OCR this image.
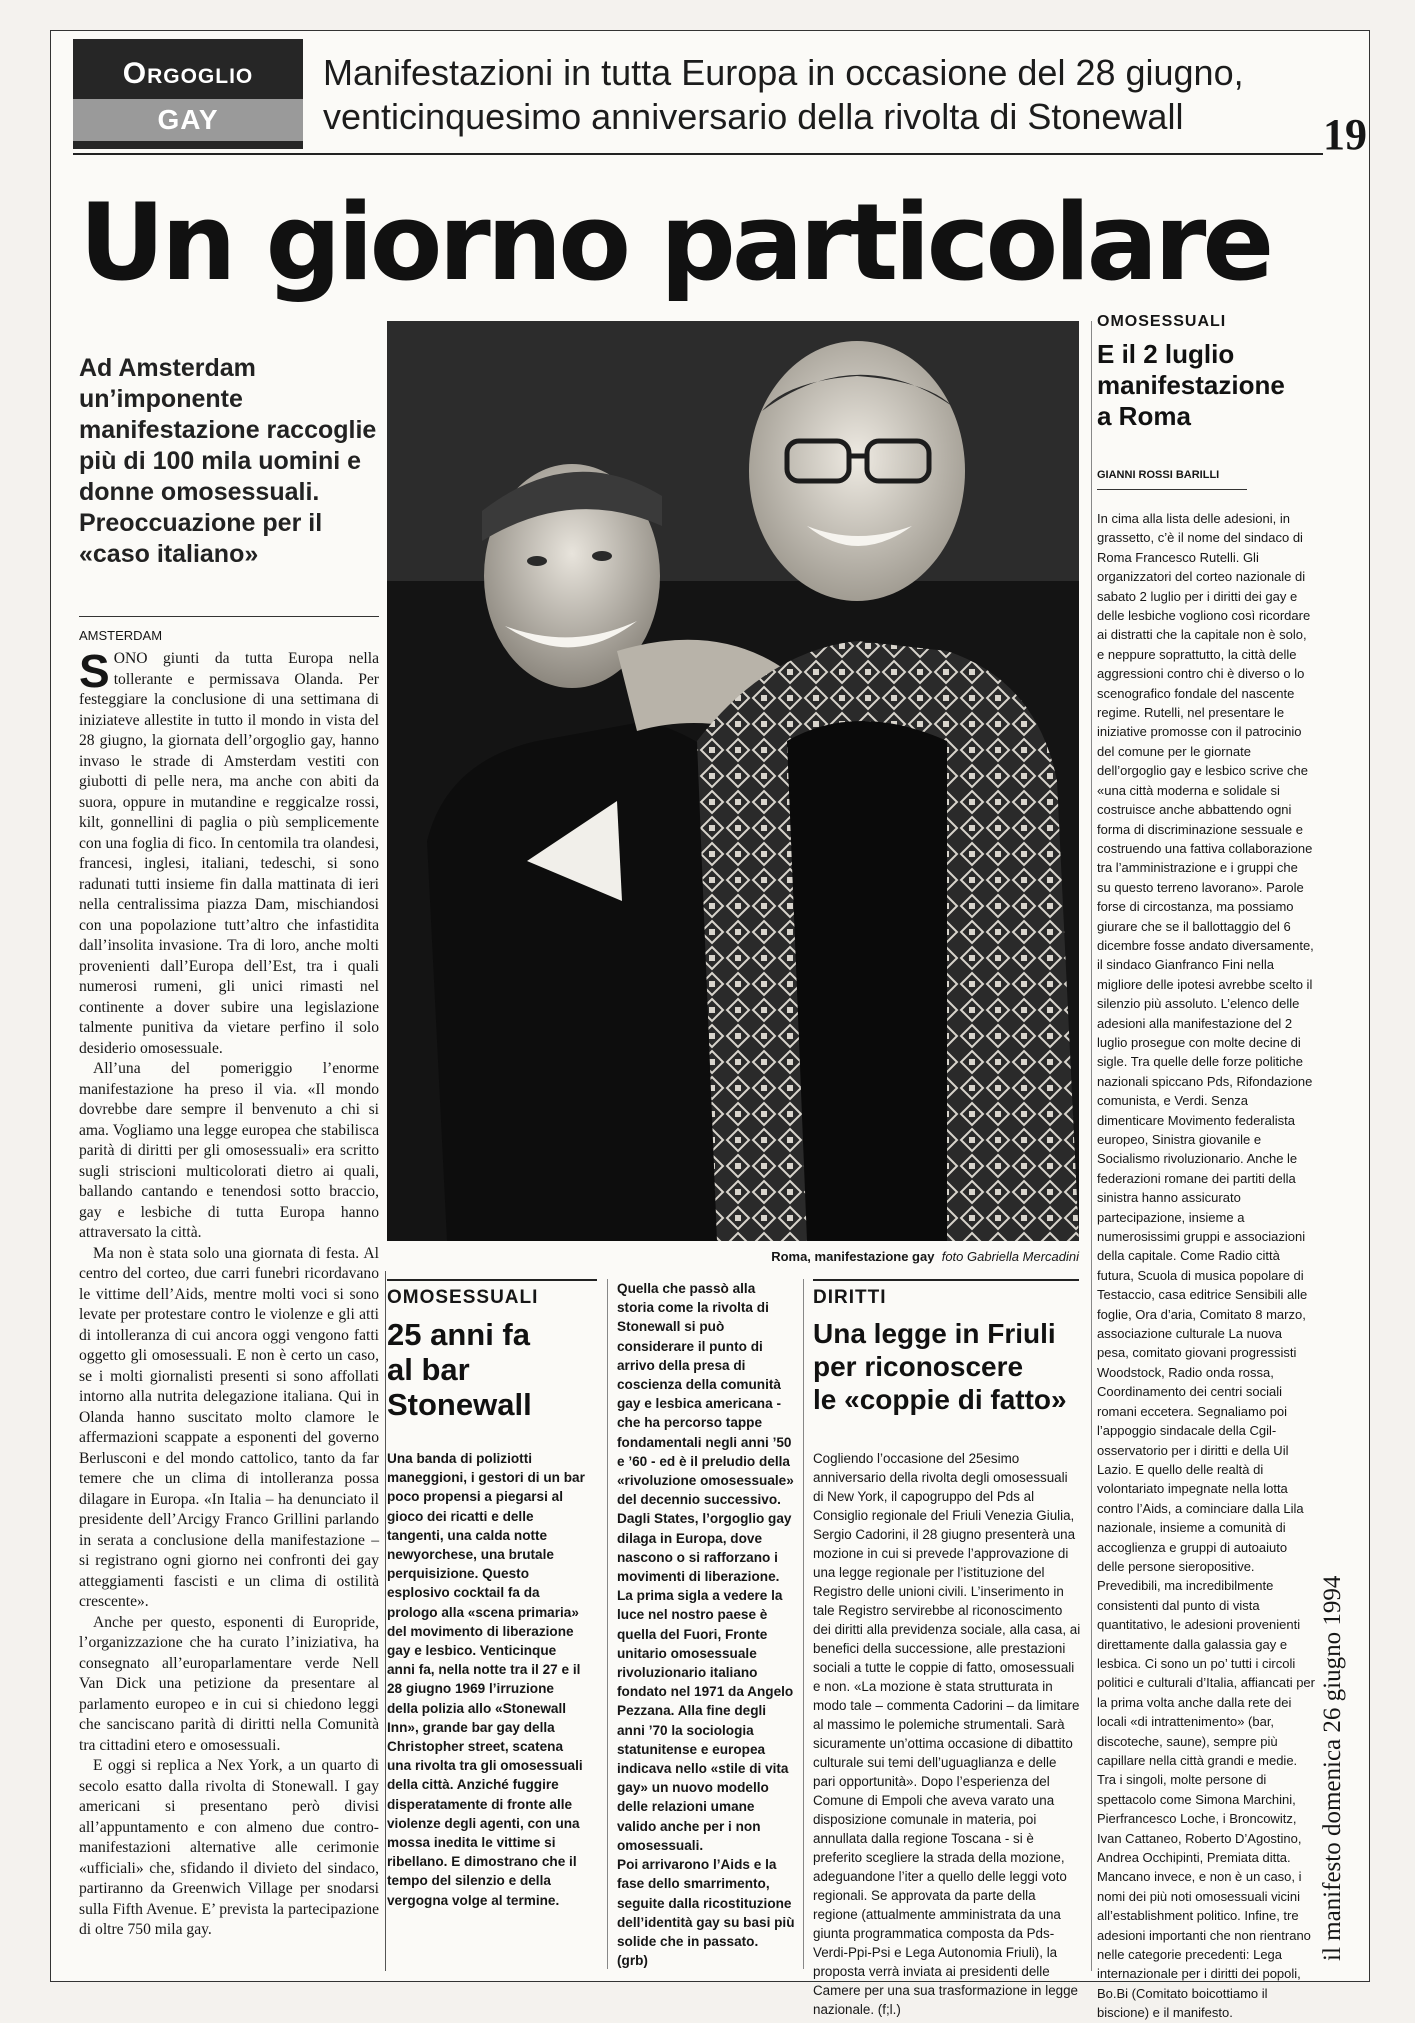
Orgoglio
GAY
Manifestazioni in tutta Europa in occasione del 28 giugno,
venticinquesimo anniversario della rivolta di Stonewall	19
Un giorno particolare
Ad Amsterdam un’imponente manifestazione raccoglie più di 100 mila uomini e donne omosessuali. Preoccuazione per il «caso italiano»
AMSTERDAM

SONO giunti da tutta Europa nella tollerante e permissava Olanda. Per festeggiare la conclusione di una settimana di iniziateve allestite in tutto il mondo in vista del 28 giugno, la giornata dell’orgoglio gay, hanno invaso le strade di Amsterdam vestiti con giubotti di pelle nera, ma anche con abiti da suora, oppure in mutandine e reggicalze rossi, kilt, gonnellini di paglia o più semplicemente con una foglia di fico. In centomila tra olandesi, francesi, inglesi, italiani, tedeschi, si sono radunati tutti insieme fin dalla mattinata di ieri nella centralissima piazza Dam, mischiandosi con una popolazione tutt’altro che infastidita dall’insolita invasione. Tra di loro, anche molti provenienti dall’Europa dell’Est, tra i quali numerosi rumeni, gli unici rimasti nel continente a dover subire una legislazione talmente punitiva da vietare perfino il solo desiderio omosessuale.

All’una del pomeriggio l’enorme manifestazione ha preso il via. «Il mondo dovrebbe dare sempre il benvenuto a chi si ama. Vogliamo una legge europea che stabilisca parità di diritti per gli omosessuali» era scritto sugli striscioni multicolorati dietro ai quali, ballando cantando e tenendosi sotto braccio, gay e lesbiche di tutta Europa hanno attraversato la città.

Ma non è stata solo una giornata di festa. Al centro del corteo, due carri funebri ricordavano le vittime dell’Aids, mentre molti voci si sono levate per protestare contro le violenze e gli atti di intolleranza di cui ancora oggi vengono fatti oggetto gli omosessuali. E non è certo un caso, se i molti giornalisti presenti si sono affollati intorno alla nutrita delegazione italiana. Qui in Olanda hanno suscitato molto clamore le affermazioni scappate a esponenti del governo Berlusconi e del mondo cattolico, tanto da far temere che un clima di intolleranza possa dilagare in Europa. «In Italia – ha denunciato il presidente dell’Arcigy Franco Grillini parlando in serata a conclusione della manifestazione – si registrano ogni giorno nei confronti dei gay atteggiamenti fascisti e un clima di ostilità crescente».

Anche per questo, esponenti di Europride, l’organizzazione che ha curato l’iniziativa, ha consegnato all’europarlamentare verde Nell Van Dick una petizione da presentare al parlamento europeo e in cui si chiedono leggi che sanciscano parità di diritti nella Comunità tra cittadini etero e omosessuali.

E oggi si replica a Nex York, a un quarto di secolo esatto dalla rivolta di Stonewall. I gay americani si presentano però divisi all’appuntamento e con almeno due contro-manifestazioni alternative alle cerimonie «ufficiali» che, sfidando il divieto del sindaco, partiranno da Greenwich Village per snodarsi sulla Fifth Avenue. E’ prevista la partecipazione di oltre 750 mila gay.

Roma, manifestazione gay foto Gabriella Mercadini
OMOSESSUALI
25 anni fa
al bar
Stonewall
Una banda di poliziotti maneggioni, i gestori di un bar poco propensi a piegarsi al gioco dei ricatti e delle tangenti, una calda notte newyorchese, una brutale perquisizione. Questo esplosivo cocktail fa da prologo alla «scena primaria» del movimento di liberazione gay e lesbico. Venticinque anni fa, nella notte tra il 27 e il 28 giugno 1969 l’irruzione della polizia allo «Stonewall Inn», grande bar gay della Christopher street, scatena una rivolta tra gli omosessuali della città. Anziché fuggire disperatamente di fronte alle violenze degli agenti, con una mossa inedita le vittime si ribellano. E dimostrano che il tempo del silenzio e della vergogna volge al termine.
Quella che passò alla storia come la rivolta di Stonewall si può considerare il punto di arrivo della presa di coscienza della comunità gay e lesbica americana -che ha percorso tappe fondamentali negli anni ’50 e ’60 - ed è il preludio della «rivoluzione omosessuale» del decennio successivo. Dagli States, l’orgoglio gay dilaga in Europa, dove nascono o si rafforzano i movimenti di liberazione. La prima sigla a vedere la luce nel nostro paese è quella del Fuori, Fronte unitario omosessuale rivoluzionario italiano fondato nel 1971 da Angelo Pezzana. Alla fine degli anni ’70 la sociologia statunitense e europea indicava nello «stile di vita gay» un nuovo modello delle relazioni umane valido anche per i non omosessuali.
Poi arrivarono l’Aids e la fase dello smarrimento, seguite dalla ricostituzione dell’identità gay su basi più solide che in passato.
(grb)
DIRITTI
Una legge in Friuli
per riconoscere
le «coppie di fatto»
Cogliendo l’occasione del 25esimo anniversario della rivolta degli omosessuali di New York, il capogruppo del Pds al Consiglio regionale del Friuli Venezia Giulia, Sergio Cadorini, il 28 giugno presenterà una mozione in cui si prevede l’approvazione di una legge regionale per l’istituzione del Registro delle unioni civili. L’inserimento in tale Registro servirebbe al riconoscimento dei diritti alla previdenza sociale, alla casa, ai benefici della successione, alle prestazioni sociali a tutte le coppie di fatto, omosessuali e non. «La mozione è stata strutturata in modo tale – commenta Cadorini – da limitare al massimo le polemiche strumentali. Sarà sicuramente un’ottima occasione di dibattito culturale sui temi dell’uguaglianza e delle pari opportunità». Dopo l’esperienza del Comune di Empoli che aveva varato una disposizione comunale in materia, poi annullata dalla regione Toscana - si è preferito scegliere la strada della mozione, adeguandone l’iter a quello delle leggi voto regionali. Se approvata da parte della regione (attualmente amministrata da una giunta programmatica composta da Pds-Verdi-Ppi-Psi e Lega Autonomia Friuli), la proposta verrà inviata ai presidenti delle Camere per una sua trasformazione in legge nazionale. (f;l.)
OMOSESSUALI
E il 2 luglio
manifestazione
a Roma
GIANNI ROSSI BARILLI
In cima alla lista delle adesioni, in grassetto, c’è il nome del sindaco di Roma Francesco Rutelli. Gli organizzatori del corteo nazionale di sabato 2 luglio per i diritti dei gay e delle lesbiche vogliono così ricordare ai distratti che la capitale non è solo, e neppure soprattutto, la città delle aggressioni contro chi è diverso o lo scenografico fondale del nascente regime. Rutelli, nel presentare le iniziative promosse con il patrocinio del comune per le giornate dell’orgoglio gay e lesbico scrive che «una città moderna e solidale si costruisce anche abbattendo ogni forma di discriminazione sessuale e costruendo una fattiva collaborazione tra l’amministrazione e i gruppi che su questo terreno lavorano». Parole forse di circostanza, ma possiamo giurare che se il ballottaggio del 6 dicembre fosse andato diversamente, il sindaco Gianfranco Fini nella migliore delle ipotesi avrebbe scelto il silenzio più assoluto. L’elenco delle adesioni alla manifestazione del 2 luglio prosegue con molte decine di sigle. Tra quelle delle forze politiche nazionali spiccano Pds, Rifondazione comunista, e Verdi. Senza dimenticare Movimento federalista europeo, Sinistra giovanile e Socialismo rivoluzionario. Anche le federazioni romane dei partiti della sinistra hanno assicurato partecipazione, insieme a numerosissimi gruppi e associazioni della capitale. Come Radio città futura, Scuola di musica popolare di Testaccio, casa editrice Sensibili alle foglie, Ora d’aria, Comitato 8 marzo, associazione culturale La nuova pesa, comitato giovani progressisti Woodstock, Radio onda rossa, Coordinamento dei centri sociali romani eccetera. Segnaliamo poi l’appoggio sindacale della Cgil-osservatorio per i diritti e della Uil Lazio. E quello delle realtà di volontariato impegnate nella lotta contro l’Aids, a cominciare dalla Lila nazionale, insieme a comunità di accoglienza e gruppi di autoaiuto delle persone sieropositive. Prevedibili, ma incredibilmente consistenti dal punto di vista quantitativo, le adesioni provenienti direttamente dalla galassia gay e lesbica. Ci sono un po’ tutti i circoli politici e culturali d’Italia, affiancati per la prima volta anche dalla rete dei locali «di intrattenimento» (bar, discoteche, saune), sempre più capillare nella città grandi e medie. Tra i singoli, molte persone di spettacolo come Simona Marchini, Pierfrancesco Loche, i Broncowitz, Ivan Cattaneo, Roberto D’Agostino, Andrea Occhipinti, Premiata ditta. Mancano invece, e non è un caso, i nomi dei più noti omosessuali vicini all’establishment politico. Infine, tre adesioni importanti che non rientrano nelle categorie precedenti: Lega internazionale per i diritti dei popoli, Bo.Bi (Comitato boicottiamo il biscione) e il manifesto.
il manifesto domenica 26 giugno 1994
